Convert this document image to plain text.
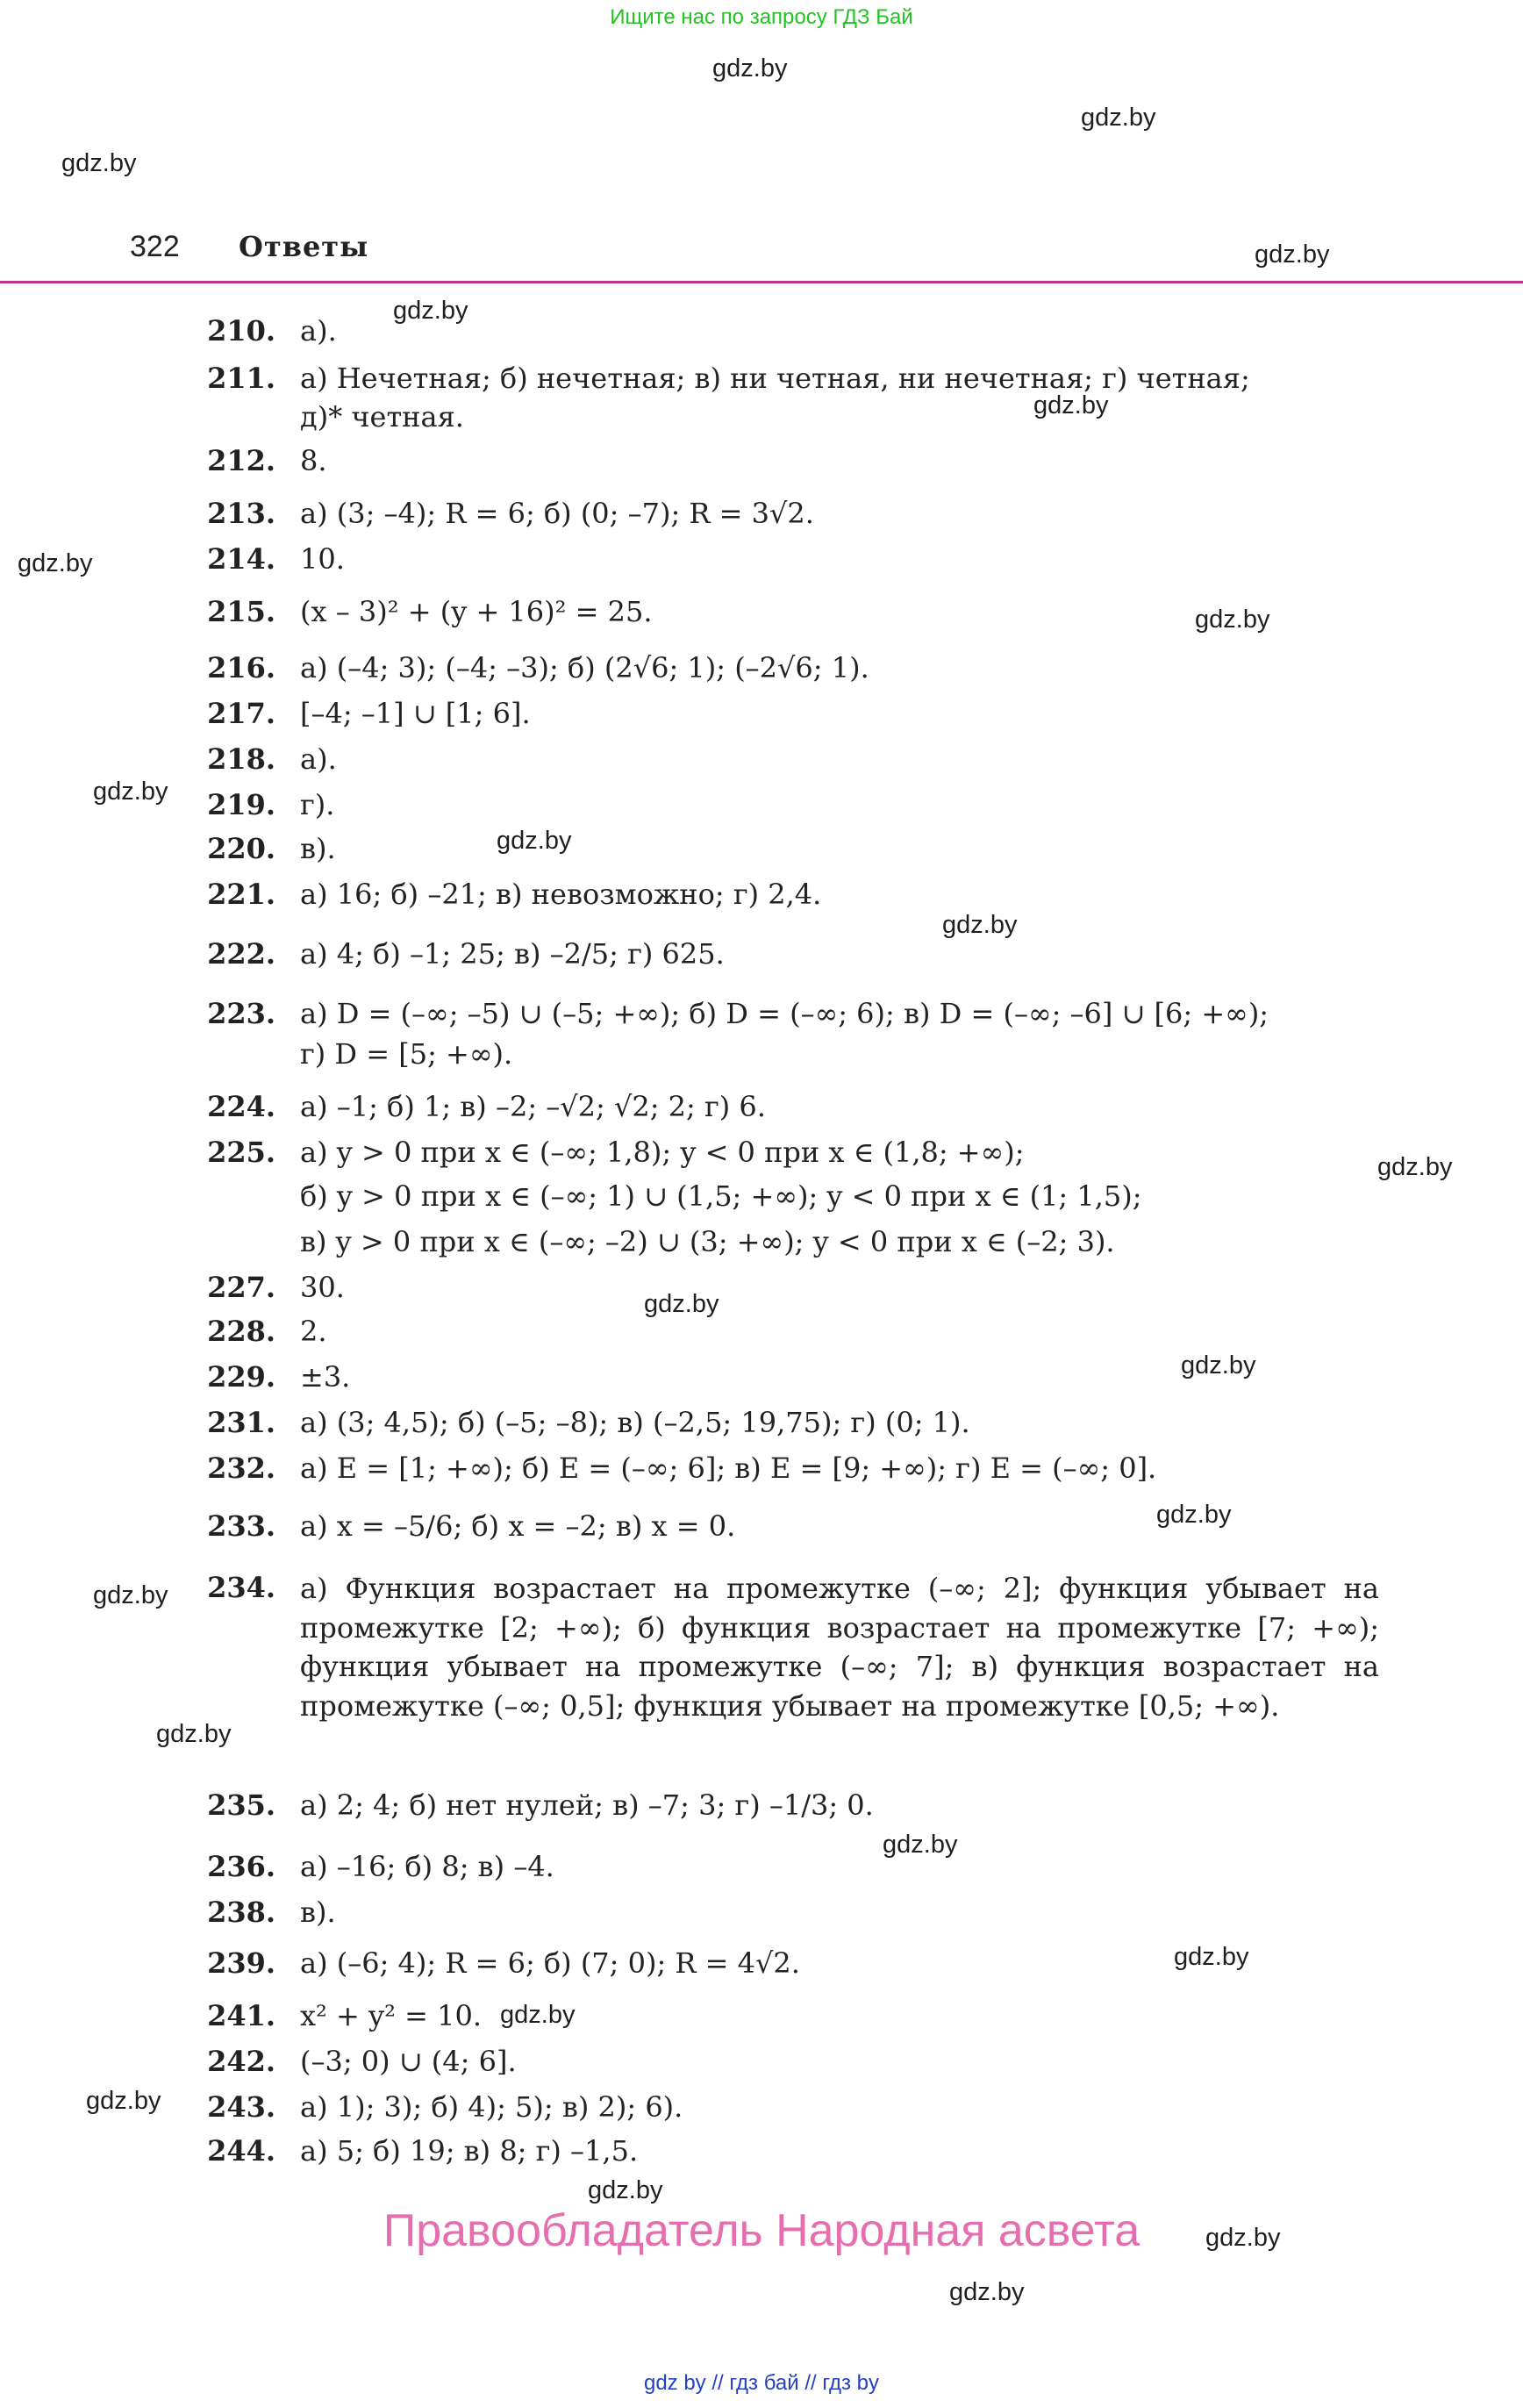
Ищите нас по запросу ГДЗ Бай
gdz.by
gdz.by
gdz.by
gdz.by
gdz.by
gdz.by
gdz.by
gdz.by
gdz.by
gdz.by
gdz.by
gdz.by
gdz.by
gdz.by
gdz.by
gdz.by
gdz.by
gdz.by
gdz.by
gdz.by
gdz.by
gdz.by
gdz.by
gdz.by
322 Ответы
210. а).
211. а) Нечетная; б) нечетная; в) ни четная, ни нечетная; г) четная;
д)* четная.
212. 8.
213. а) (3; –4); R = 6; б) (0; –7); R = 3√2.
214. 10.
215. (x – 3)² + (y + 16)² = 25.
216. а) (–4; 3); (–4; –3); б) (2√6; 1); (–2√6; 1).
217. [–4; –1] ∪ [1; 6].
218. а).
219. г).
220. в).
221. а) 16; б) –21; в) невозможно; г) 2,4.
222. а) 4; б) –1; 25; в) –2/5; г) 625.
223. а) D = (–∞; –5) ∪ (–5; +∞); б) D = (–∞; 6); в) D = (–∞; –6] ∪ [6; +∞);
г) D = [5; +∞).
224. а) –1; б) 1; в) –2; –√2; √2; 2; г) 6.
225. а) y > 0 при x ∈ (–∞; 1,8); y < 0 при x ∈ (1,8; +∞);
б) y > 0 при x ∈ (–∞; 1) ∪ (1,5; +∞); y < 0 при x ∈ (1; 1,5);
в) y > 0 при x ∈ (–∞; –2) ∪ (3; +∞); y < 0 при x ∈ (–2; 3).
227. 30.
228. 2.
229. ±3.
231. а) (3; 4,5); б) (–5; –8); в) (–2,5; 19,75); г) (0; 1).
232. а) E = [1; +∞); б) E = (–∞; 6]; в) E = [9; +∞); г) E = (–∞; 0].
233. а) x = –5/6; б) x = –2; в) x = 0.
234. а) Функция возрастает на промежутке (–∞; 2]; функция убывает на промежутке [2; +∞); б) функция возрастает на промежутке [7; +∞); функция убывает на промежутке (–∞; 7]; в) функция возрастает на промежутке (–∞; 0,5]; функция убывает на промежутке [0,5; +∞).
235. а) 2; 4; б) нет нулей; в) –7; 3; г) –1/3; 0.
236. а) –16; б) 8; в) –4.
238. в).
239. а) (–6; 4); R = 6; б) (7; 0); R = 4√2.
241. x² + y² = 10.
242. (–3; 0) ∪ (4; 6].
243. а) 1); 3); б) 4); 5); в) 2); 6).
244. а) 5; б) 19; в) 8; г) –1,5.
Правообладатель Народная асвета
gdz by // гдз бай // гдз by
